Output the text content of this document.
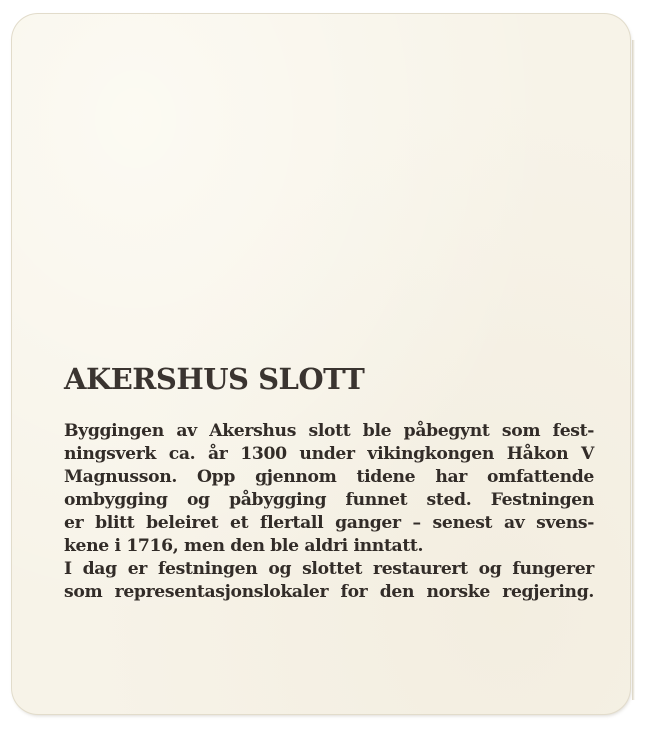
AKERSHUS SLOTT

Byggingen av Akershus slott ble påbegynt som fest-
ningsverk ca. år 1300 under vikingkongen Håkon V
Magnusson. Opp gjennom tidene har omfattende
ombygging og påbygging funnet sted. Festningen
er blitt beleiret et flertall ganger – senest av svens-
kene i 1716, men den ble aldri inntatt.
I dag er festningen og slottet restaurert og fungerer
som representasjonslokaler for den norske regjering.
